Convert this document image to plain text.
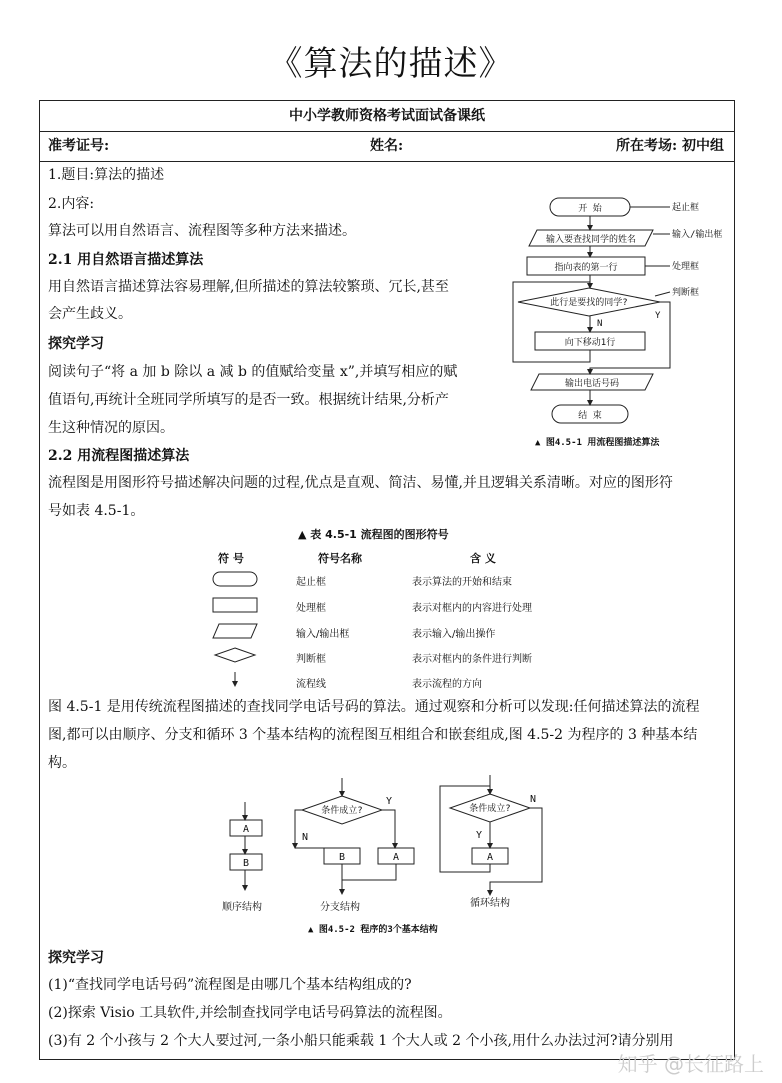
《算法的描述》
中小学教师资格考试面试备课纸
准考证号:	姓名:	所在考场: 初中组
1.题目:算法的描述
2.内容:
算法可以用自然语言、流程图等多种方法来描述。
2.1 用自然语言描述算法
用自然语言描述算法容易理解,但所描述的算法较繁琐、冗长,甚至
会产生歧义。
探究学习
阅读句子“将 a 加 b 除以 a 减 b 的值赋给变量 x”,并填写相应的赋
值语句,再统计全班同学所填写的是否一致。根据统计结果,分析产
生这种情况的原因。
2.2 用流程图描述算法
流程图是用图形符号描述解决问题的过程,优点是直观、简洁、易懂,并且逻辑关系清晰。对应的图形符
号如表 4.5-1。
开 始
输入要查找同学的姓名
指向表的第一行
此行是要找的同学?
N
Y
向下移动1行
输出电话号码
结 束
起止框
输入/输出框
处理框
判断框
▲ 图4.5-1 用流程图描述算法
▲ 表 4.5-1 流程图的图形符号
符 号	符号名称	含 义
起止框	表示算法的开始和结束
处理框	表示对框内的内容进行处理
输入/输出框	表示输入/输出操作
判断框	表示对框内的条件进行判断
流程线	表示流程的方向
图 4.5-1 是用传统流程图描述的查找同学电话号码的算法。通过观察和分析可以发现:任何描述算法的流程
图,都可以由顺序、分支和循环 3 个基本结构的流程图互相组合和嵌套组成,图 4.5-2 为程序的 3 种基本结
构。
A
B
顺序结构
条件成立?
Y
N
B	A
分支结构
条件成立?
Y
N
A
循环结构
▲ 图4.5-2 程序的3个基本结构
探究学习
(1)“查找同学电话号码”流程图是由哪几个基本结构组成的?
(2)探索 Visio 工具软件,并绘制查找同学电话号码算法的流程图。
(3)有 2 个小孩与 2 个大人要过河,一条小船只能乘载 1 个大人或 2 个小孩,用什么办法过河?请分别用
知乎 @长征路上
